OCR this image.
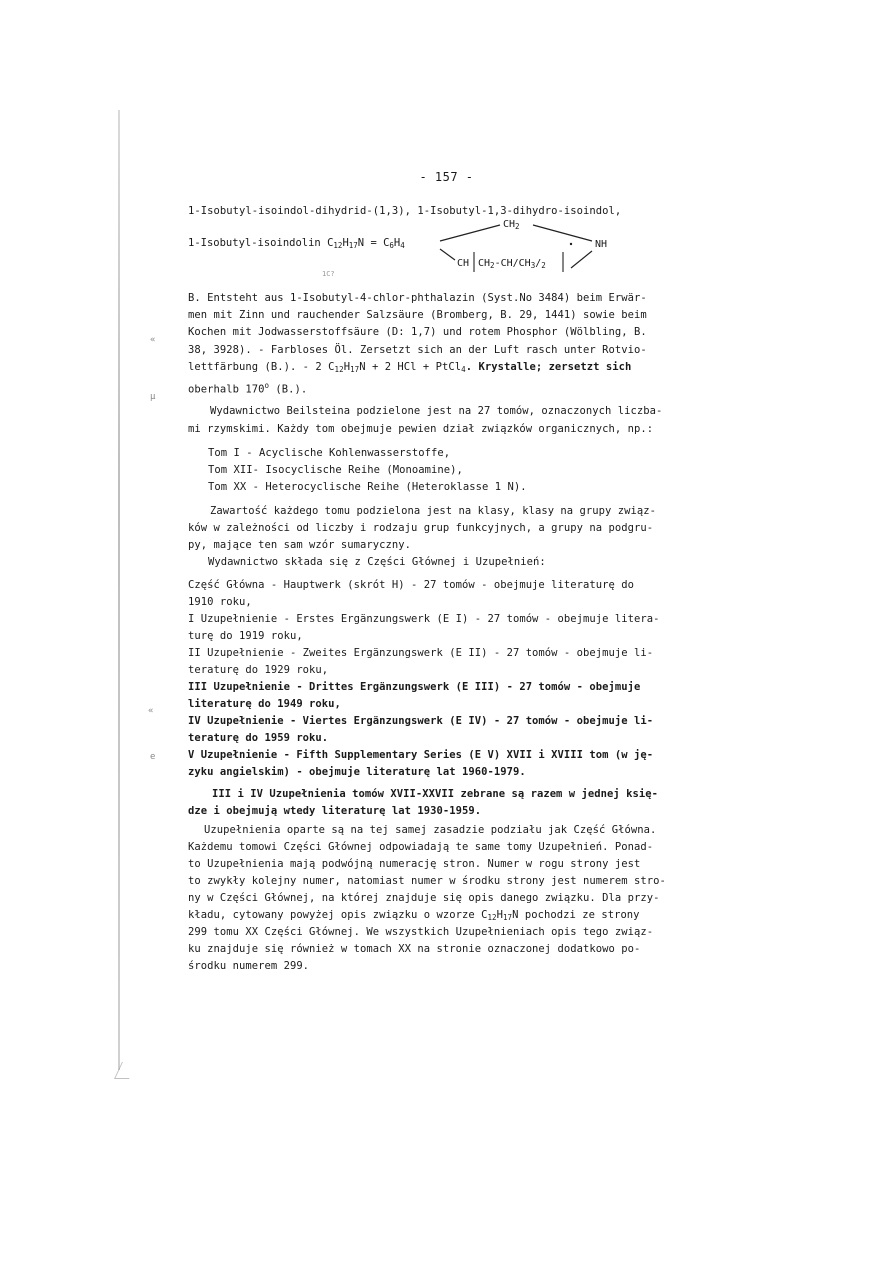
«
µ
«
e
- 157 -
1-Isobutyl-isoindol-dihydrid-(1,3), 1-Isobutyl-1,3-dihydro-isoindol,
1-Isobutyl-isoindolin $C_{12}H_{17}N = C_6H_4$
$CH_2$
NH
CH $CH_2-CH/CH_3/_2$
1C?
B. Entsteht aus 1-Isobutyl-4-chlor-phthalazin (Syst.No 3484) beim Erwär-
men mit Zinn und rauchender Salzsäure (Bromberg, B. 29, 1441) sowie beim
Kochen mit Jodwasserstoffsäure (D: 1,7) und rotem Phosphor (Wölbling, B.
38, 3928). - Farbloses Öl. Zersetzt sich an der Luft rasch unter Rotvio-
lettfärbung (B.). - 2 $C_{12}H_{17}N + 2$ HCl + PtCl$_4$. Krystalle; zersetzt sich
oberhalb 170$^o$ (B.).
Wydawnictwo Beilsteina podzielone jest na 27 tomów, oznaczonych liczba-
mi rzymskimi. Każdy tom obejmuje pewien dział związków organicznych, np.:
Tom I - Acyclische Kohlenwasserstoffe,
Tom XII- Isocyclische Reihe (Monoamine),
Tom XX - Heterocyclische Reihe (Heteroklasse 1 N).
Zawartość każdego tomu podzielona jest na klasy, klasy na grupy związ-
ków w zależności od liczby i rodzaju grup funkcyjnych, a grupy na podgru-
py, mające ten sam wzór sumaryczny.
Wydawnictwo składa się z Części Głównej i Uzupełnień:
Część Główna - Hauptwerk (skrót H) - 27 tomów - obejmuje literaturę do
1910 roku,
I Uzupełnienie - Erstes Ergänzungswerk (E I) - 27 tomów - obejmuje litera-
turę do 1919 roku,
II Uzupełnienie - Zweites Ergänzungswerk (E II) - 27 tomów - obejmuje li-
teraturę do 1929 roku,
III Uzupełnienie - Drittes Ergänzungswerk (E III) - 27 tomów - obejmuje
literaturę do 1949 roku,
IV Uzupełnienie - Viertes Ergänzungswerk (E IV) - 27 tomów - obejmuje li-
teraturę do 1959 roku.
V Uzupełnienie - Fifth Supplementary Series (E V) XVII i XVIII tom (w ję-
zyku angielskim) - obejmuje literaturę lat 1960-1979.
III i IV Uzupełnienia tomów XVII-XXVII zebrane są razem w jednej księ-
dze i obejmują wtedy literaturę lat 1930-1959.
Uzupełnienia oparte są na tej samej zasadzie podziału jak Część Główna.
Każdemu tomowi Części Głównej odpowiadają te same tomy Uzupełnień. Ponad-
to Uzupełnienia mają podwójną numerację stron. Numer w rogu strony jest
to zwykły kolejny numer, natomiast numer w środku strony jest numerem stro-
ny w Części Głównej, na której znajduje się opis danego związku. Dla przy-
kładu, cytowany powyżej opis związku o wzorze $C_{12}H_{17}N$ pochodzi ze strony
299 tomu XX Części Głównej. We wszystkich Uzupełnieniach opis tego związ-
ku znajduje się również w tomach XX na stronie oznaczonej dodatkowo po-
środku numerem 299.
